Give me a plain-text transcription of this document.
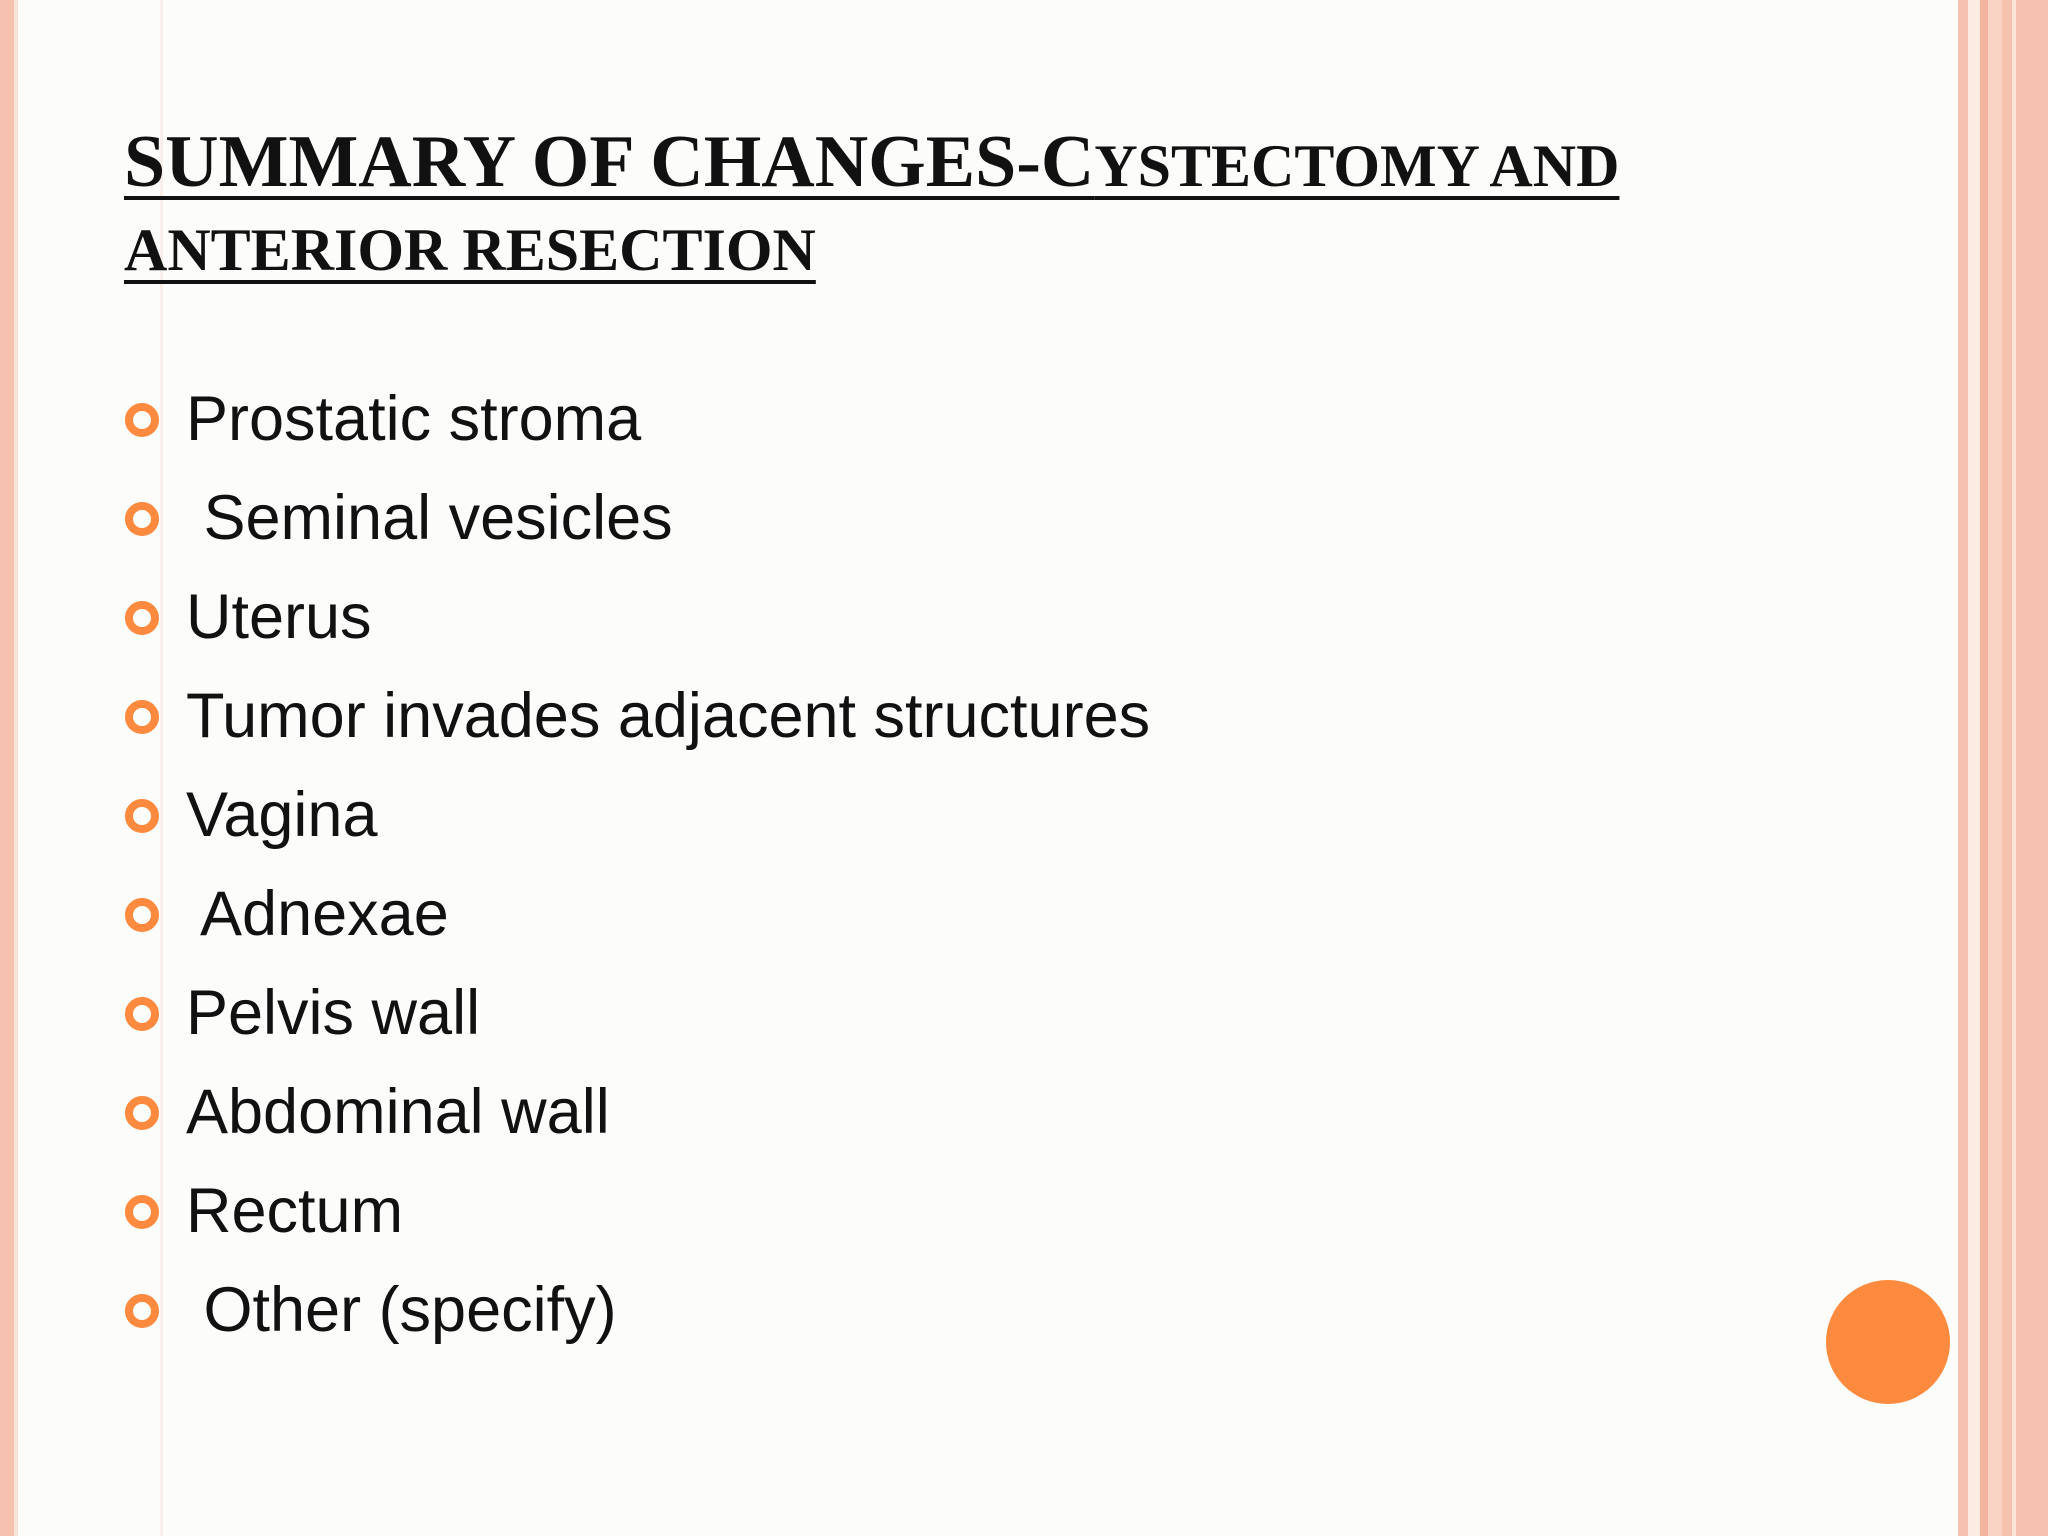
SUMMARY OF CHANGES-CYSTECTOMY AND
ANTERIOR RESECTION
Prostatic stroma
Seminal vesicles
Uterus
Tumor invades adjacent structures
Vagina
Adnexae
Pelvis wall
Abdominal wall
Rectum
Other (specify)
